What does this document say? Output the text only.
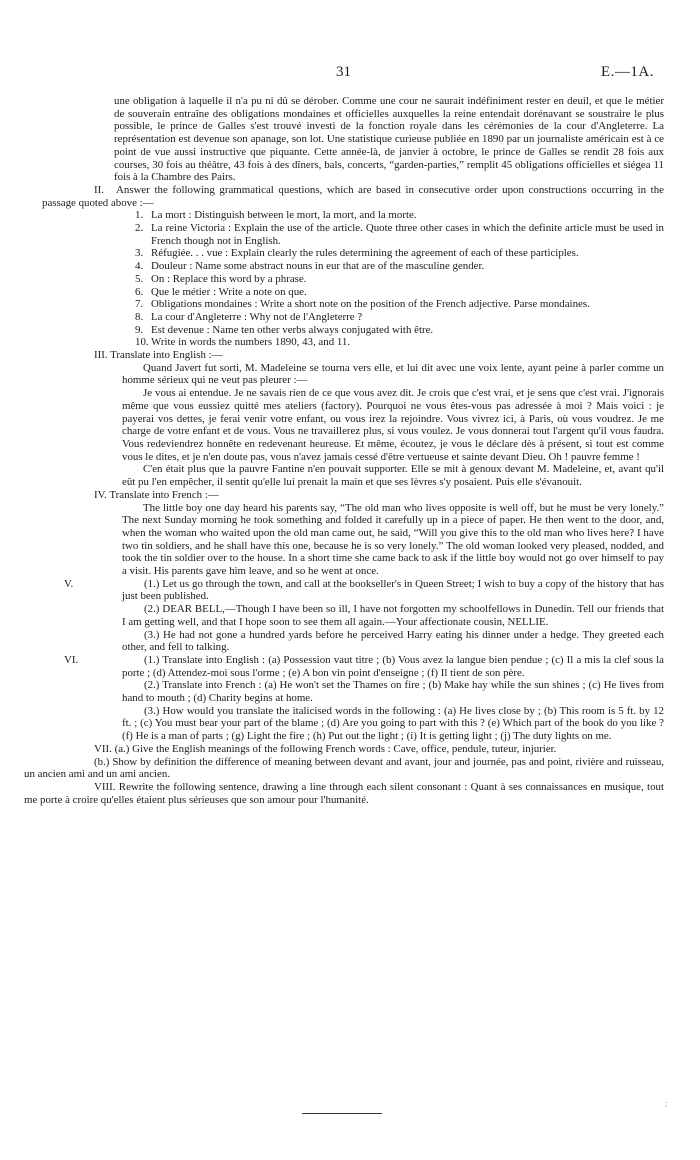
31	E.—1A.

une obligation à laquelle il n'a pu ni dû se dérober. Comme une cour ne saurait indéfiniment rester en deuil, et que le métier de souverain entraîne des obligations mondaines et officielles auxquelles la reine entendait dorénavant se soustraire le plus possible, le prince de Galles s'est trouvé investi de la fonction royale dans les cérémonies de la cour d'Angleterre. La représentation est devenue son apanage, son lot. Une statistique curieuse publiée en 1890 par un journaliste américain est à ce point de vue aussi instructive que piquante. Cette année-là, de janvier à octobre, le prince de Galles se rendit 28 fois aux courses, 30 fois au théâtre, 43 fois à des dîners, bals, concerts, “garden-parties,” remplit 45 obligations officielles et siégea 11 fois à la Chambre des Pairs.

II. Answer the following grammatical questions, which are based in consecutive order upon constructions occurring in the passage quoted above :—

1. La mort : Distinguish between le mort, la mort, and la morte.

2. La reine Victoria : Explain the use of the article. Quote three other cases in which the definite article must be used in French though not in English.

3. Réfugiée. . . vue : Explain clearly the rules determining the agreement of each of these participles.

4. Douleur : Name some abstract nouns in eur that are of the masculine gender.

5. On : Replace this word by a phrase.

6. Que le métier : Write a note on que.

7. Obligations mondaines : Write a short note on the position of the French adjective. Parse mondaines.

8. La cour d'Angleterre : Why not de l'Angleterre ?

9. Est devenue : Name ten other verbs always conjugated with être.

10. Write in words the numbers 1890, 43, and 11.

III. Translate into English :—

Quand Javert fut sorti, M. Madeleine se tourna vers elle, et lui dit avec une voix lente, ayant peine à parler comme un homme sérieux qui ne veut pas pleurer :—

Je vous ai entendue. Je ne savais rien de ce que vous avez dit. Je crois que c'est vrai, et je sens que c'est vrai. J'ignorais même que vous eussiez quitté mes ateliers (factory). Pourquoi ne vous êtes-vous pas adressée à moi ? Mais voici : je payerai vos dettes, je ferai venir votre enfant, ou vous irez la rejoindre. Vous vivrez ici, à Paris, où vous voudrez. Je me charge de votre enfant et de vous. Vous ne travaillerez plus, si vous voulez. Je vous donnerai tout l'argent qu'il vous faudra. Vous redeviendrez honnête en redevenant heureuse. Et même, écoutez, je vous le déclare dès à présent, si tout est comme vous le dites, et je n'en doute pas, vous n'avez jamais cessé d'être vertueuse et sainte devant Dieu. Oh ! pauvre femme !

C'en était plus que la pauvre Fantine n'en pouvait supporter. Elle se mit à genoux devant M. Madeleine, et, avant qu'il eût pu l'en empêcher, il sentit qu'elle lui prenait la main et que ses lèvres s'y posaient. Puis elle s'évanouit.

IV. Translate into French :—

The little boy one day heard his parents say, “The old man who lives opposite is well off, but he must be very lonely.” The next Sunday morning he took something and folded it carefully up in a piece of paper. He then went to the door, and, when the woman who waited upon the old man came out, he said, “Will you give this to the old man who lives here? I have two tin soldiers, and he shall have this one, because he is so very lonely.” The old woman looked very pleased, nodded, and took the tin soldier over to the house. In a short time she came back to ask if the little boy would not go over himself to pay a visit. His parents gave him leave, and so he went at once.

V.	(1.) Let us go through the town, and call at the bookseller's in Queen Street; I wish to buy a copy of the history that has just been published.

(2.) DEAR BELL,—Though I have been so ill, I have not forgotten my schoolfellows in Dunedin. Tell our friends that I am getting well, and that I hope soon to see them all again.—Your affectionate cousin, NELLIE.

(3.) He had not gone a hundred yards before he perceived Harry eating his dinner under a hedge. They greeted each other, and fell to talking.

VI.	(1.) Translate into English : (a) Possession vaut titre ; (b) Vous avez la langue bien pendue ; (c) Il a mis la clef sous la porte ; (d) Attendez-moi sous l'orme ; (e) A bon vin point d'enseigne ; (f) Il tient de son père.

(2.) Translate into French : (a) He won't set the Thames on fire ; (b) Make hay while the sun shines ; (c) He lives from hand to mouth ; (d) Charity begins at home.

(3.) How would you translate the italicised words in the following : (a) He lives close by ; (b) This room is 5 ft. by 12 ft. ; (c) You must bear your part of the blame ; (d) Are you going to part with this ? (e) Which part of the book do you like ? (f) He is a man of parts ; (g) Light the fire ; (h) Put out the light ; (i) It is getting light ; (j) The duty lights on me.

VII. (a.) Give the English meanings of the following French words : Cave, office, pendule, tuteur, injurier.

(b.) Show by definition the difference of meaning between devant and avant, jour and journée, pas and point, rivière and ruisseau, un ancien ami and un ami ancien.

VIII. Rewrite the following sentence, drawing a line through each silent consonant : Quant à ses connaissances en musique, tout me porte à croire qu'elles étaient plus sérieuses que son amour pour l'humanité.

;
